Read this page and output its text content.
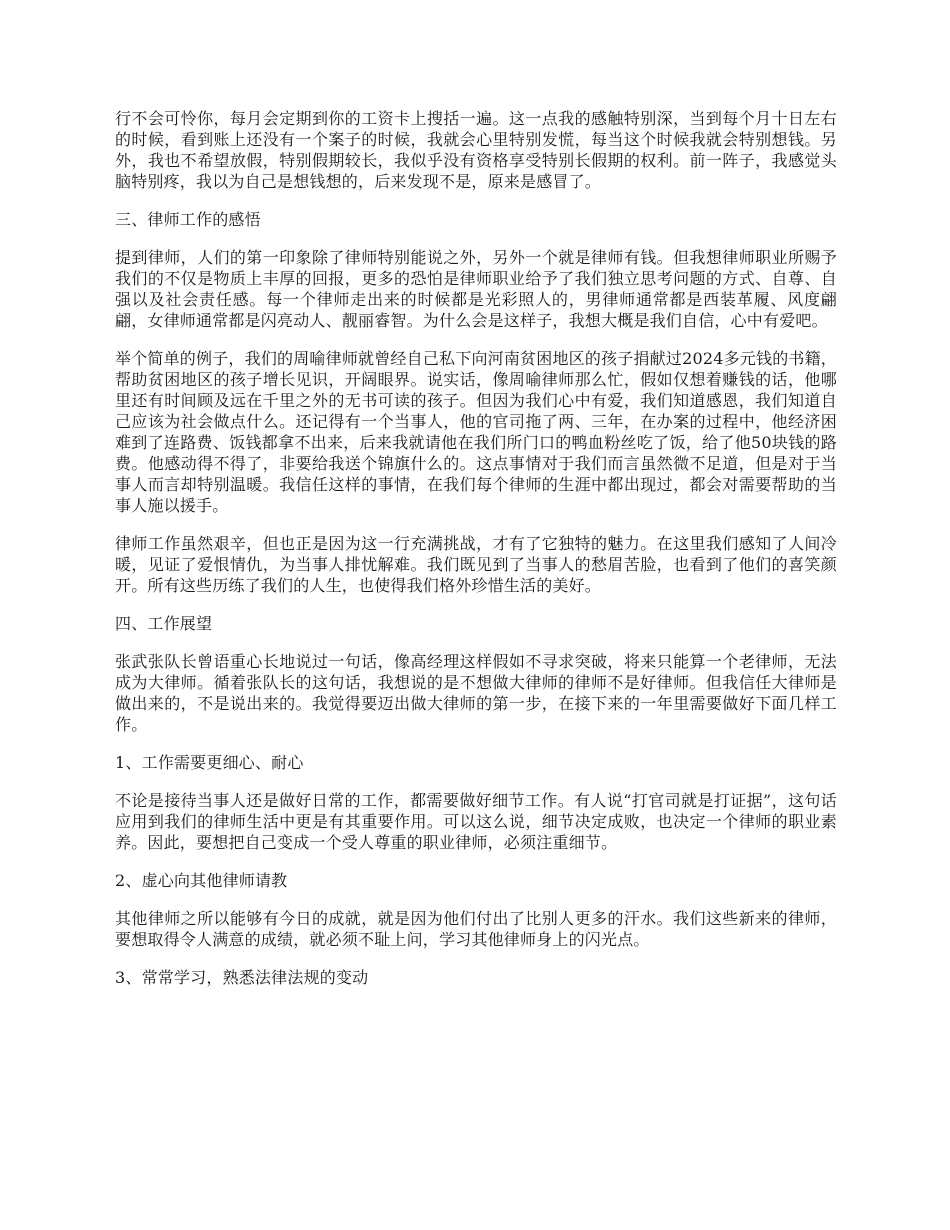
行不会可怜你，每月会定期到你的工资卡上搜括一遍。这一点我的感触特别深，当到每个月十日左右的时候，看到账上还没有一个案子的时候，我就会心里特别发慌，每当这个时候我就会特别想钱。另外，我也不希望放假，特别假期较长，我似乎没有资格享受特别长假期的权利。前一阵子，我感觉头脑特别疼，我以为自己是想钱想的，后来发现不是，原来是感冒了。

三、律师工作的感悟

提到律师，人们的第一印象除了律师特别能说之外，另外一个就是律师有钱。但我想律师职业所赐予我们的不仅是物质上丰厚的回报，更多的恐怕是律师职业给予了我们独立思考问题的方式、自尊、自强以及社会责任感。每一个律师走出来的时候都是光彩照人的，男律师通常都是西装革履、风度翩翩，女律师通常都是闪亮动人、靓丽睿智。为什么会是这样子，我想大概是我们自信，心中有爱吧。

举个简单的例子，我们的周喻律师就曾经自己私下向河南贫困地区的孩子捐献过2024多元钱的书籍，帮助贫困地区的孩子增长见识，开阔眼界。说实话，像周喻律师那么忙，假如仅想着赚钱的话，他哪里还有时间顾及远在千里之外的无书可读的孩子。但因为我们心中有爱，我们知道感恩，我们知道自己应该为社会做点什么。还记得有一个当事人，他的官司拖了两、三年，在办案的过程中，他经济困难到了连路费、饭钱都拿不出来，后来我就请他在我们所门口的鸭血粉丝吃了饭，给了他50块钱的路费。他感动得不得了，非要给我送个锦旗什么的。这点事情对于我们而言虽然微不足道，但是对于当事人而言却特别温暖。我信任这样的事情，在我们每个律师的生涯中都出现过，都会对需要帮助的当事人施以援手。

律师工作虽然艰辛，但也正是因为这一行充满挑战，才有了它独特的魅力。在这里我们感知了人间冷暖，见证了爱恨情仇，为当事人排忧解难。我们既见到了当事人的愁眉苦脸，也看到了他们的喜笑颜开。所有这些历练了我们的人生，也使得我们格外珍惜生活的美好。

四、工作展望

张武张队长曾语重心长地说过一句话，像高经理这样假如不寻求突破，将来只能算一个老律师，无法成为大律师。循着张队长的这句话，我想说的是不想做大律师的律师不是好律师。但我信任大律师是做出来的，不是说出来的。我觉得要迈出做大律师的第一步，在接下来的一年里需要做好下面几样工作。

1、工作需要更细心、耐心

不论是接待当事人还是做好日常的工作，都需要做好细节工作。有人说“打官司就是打证据”，这句话应用到我们的律师生活中更是有其重要作用。可以这么说，细节决定成败，也决定一个律师的职业素养。因此，要想把自己变成一个受人尊重的职业律师，必须注重细节。

2、虚心向其他律师请教

其他律师之所以能够有今日的成就，就是因为他们付出了比别人更多的汗水。我们这些新来的律师，要想取得令人满意的成绩，就必须不耻上问，学习其他律师身上的闪光点。

3、常常学习，熟悉法律法规的变动
